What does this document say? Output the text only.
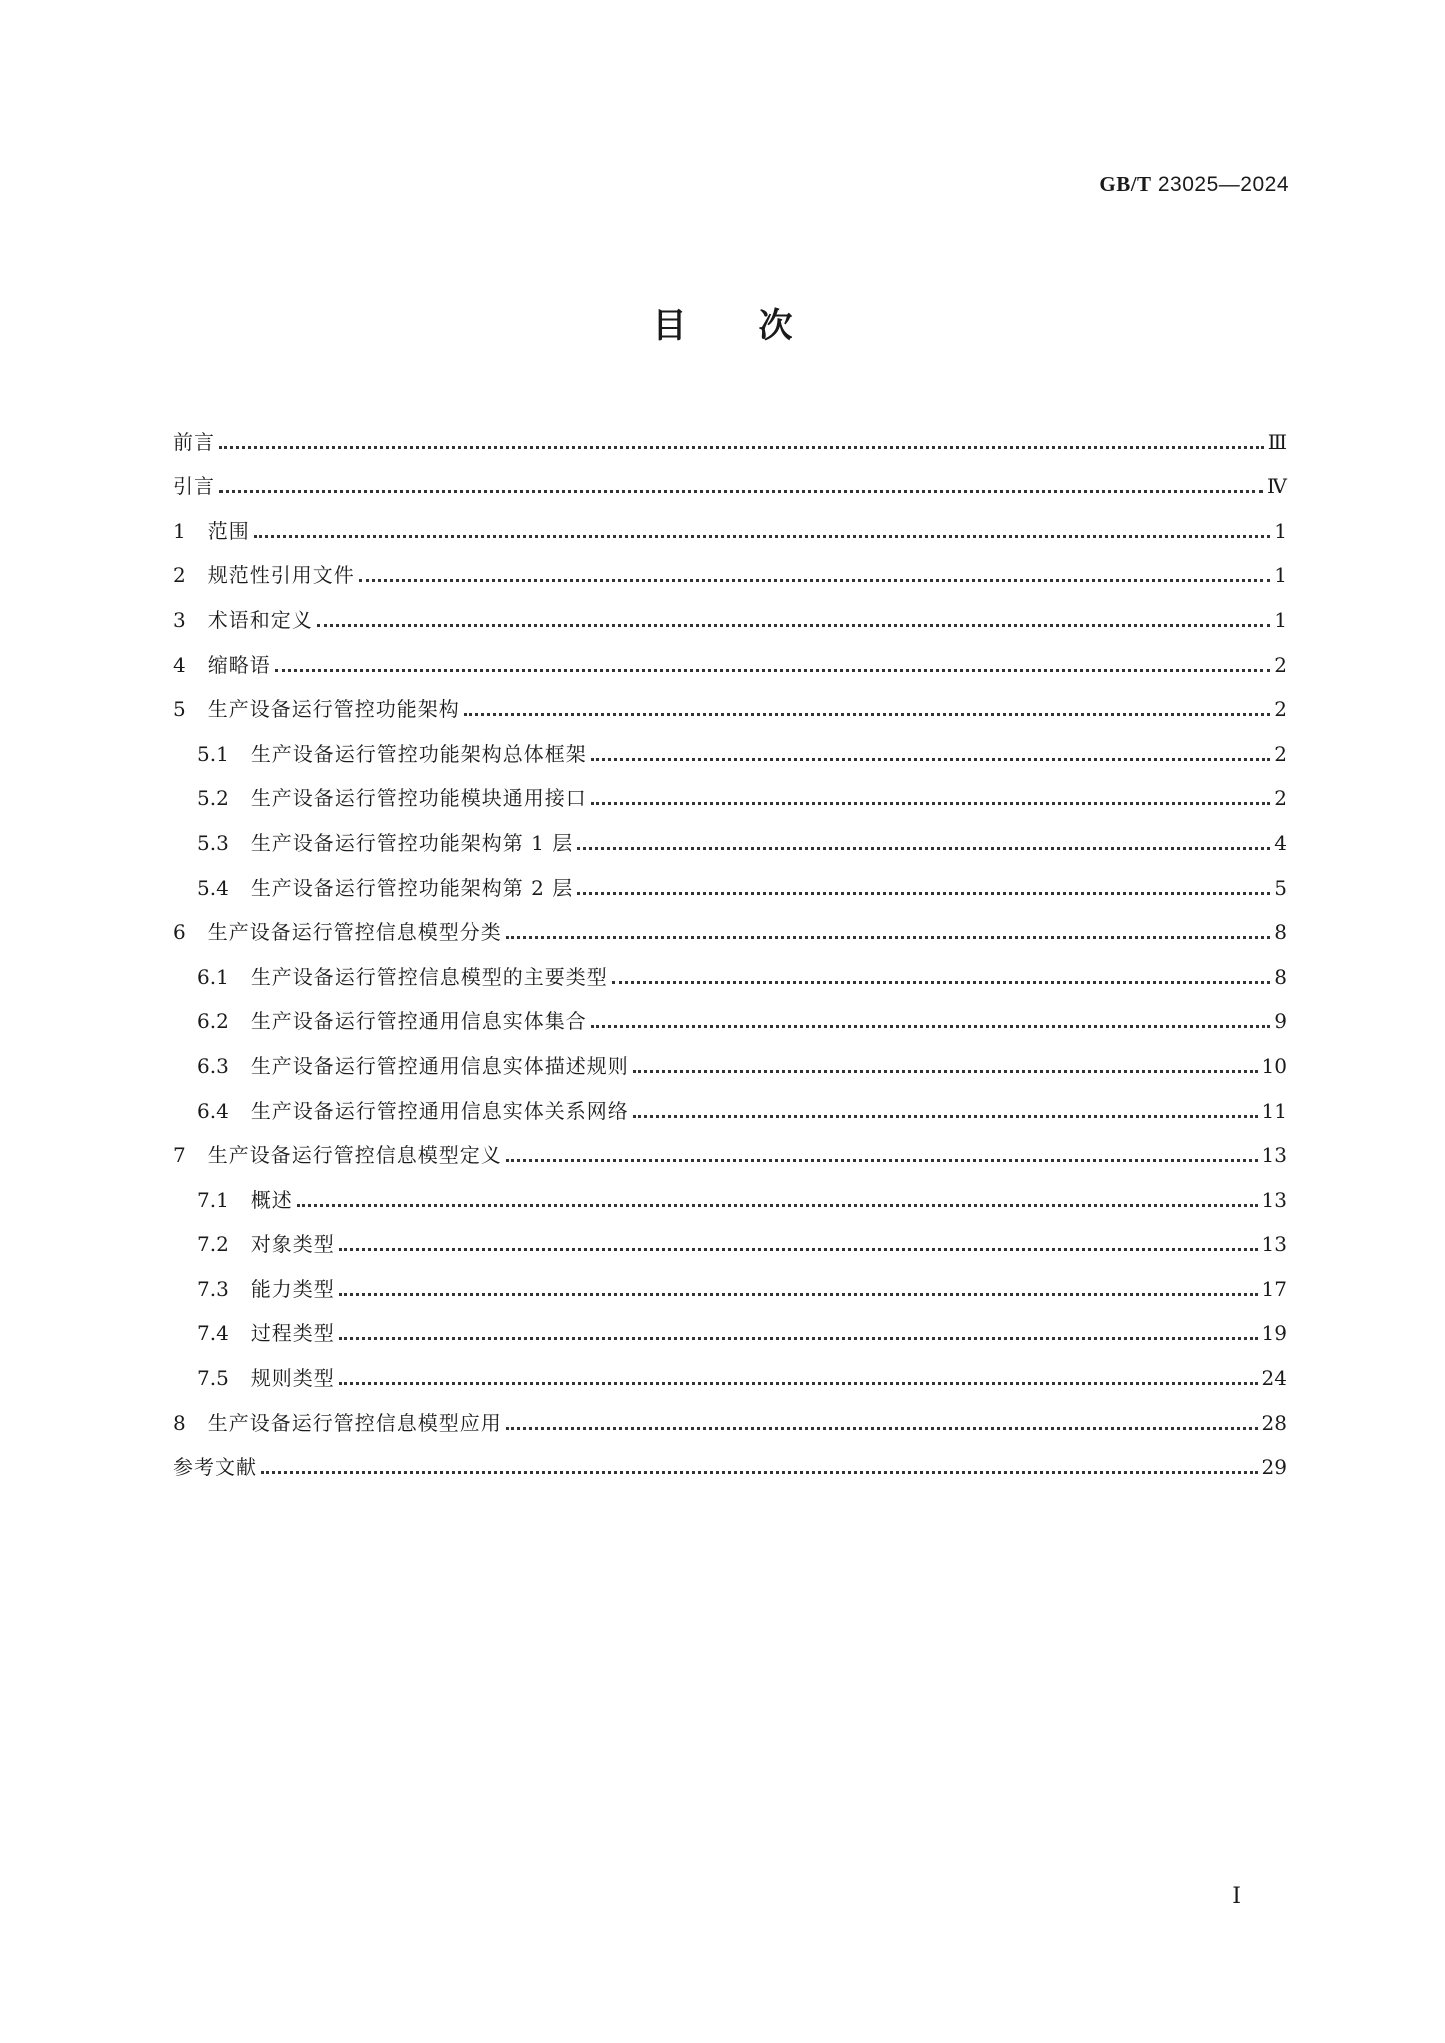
GB/T 23025—2024
目次
前言	Ⅲ
引言	Ⅳ
1 范围	1
2 规范性引用文件	1
3 术语和定义	1
4 缩略语	2
5 生产设备运行管控功能架构	2
5.1 生产设备运行管控功能架构总体框架	2
5.2 生产设备运行管控功能模块通用接口	2
5.3 生产设备运行管控功能架构第 1 层	4
5.4 生产设备运行管控功能架构第 2 层	5
6 生产设备运行管控信息模型分类	8
6.1 生产设备运行管控信息模型的主要类型	8
6.2 生产设备运行管控通用信息实体集合	9
6.3 生产设备运行管控通用信息实体描述规则	10
6.4 生产设备运行管控通用信息实体关系网络	11
7 生产设备运行管控信息模型定义	13
7.1 概述	13
7.2 对象类型	13
7.3 能力类型	17
7.4 过程类型	19
7.5 规则类型	24
8 生产设备运行管控信息模型应用	28
参考文献	29
I
